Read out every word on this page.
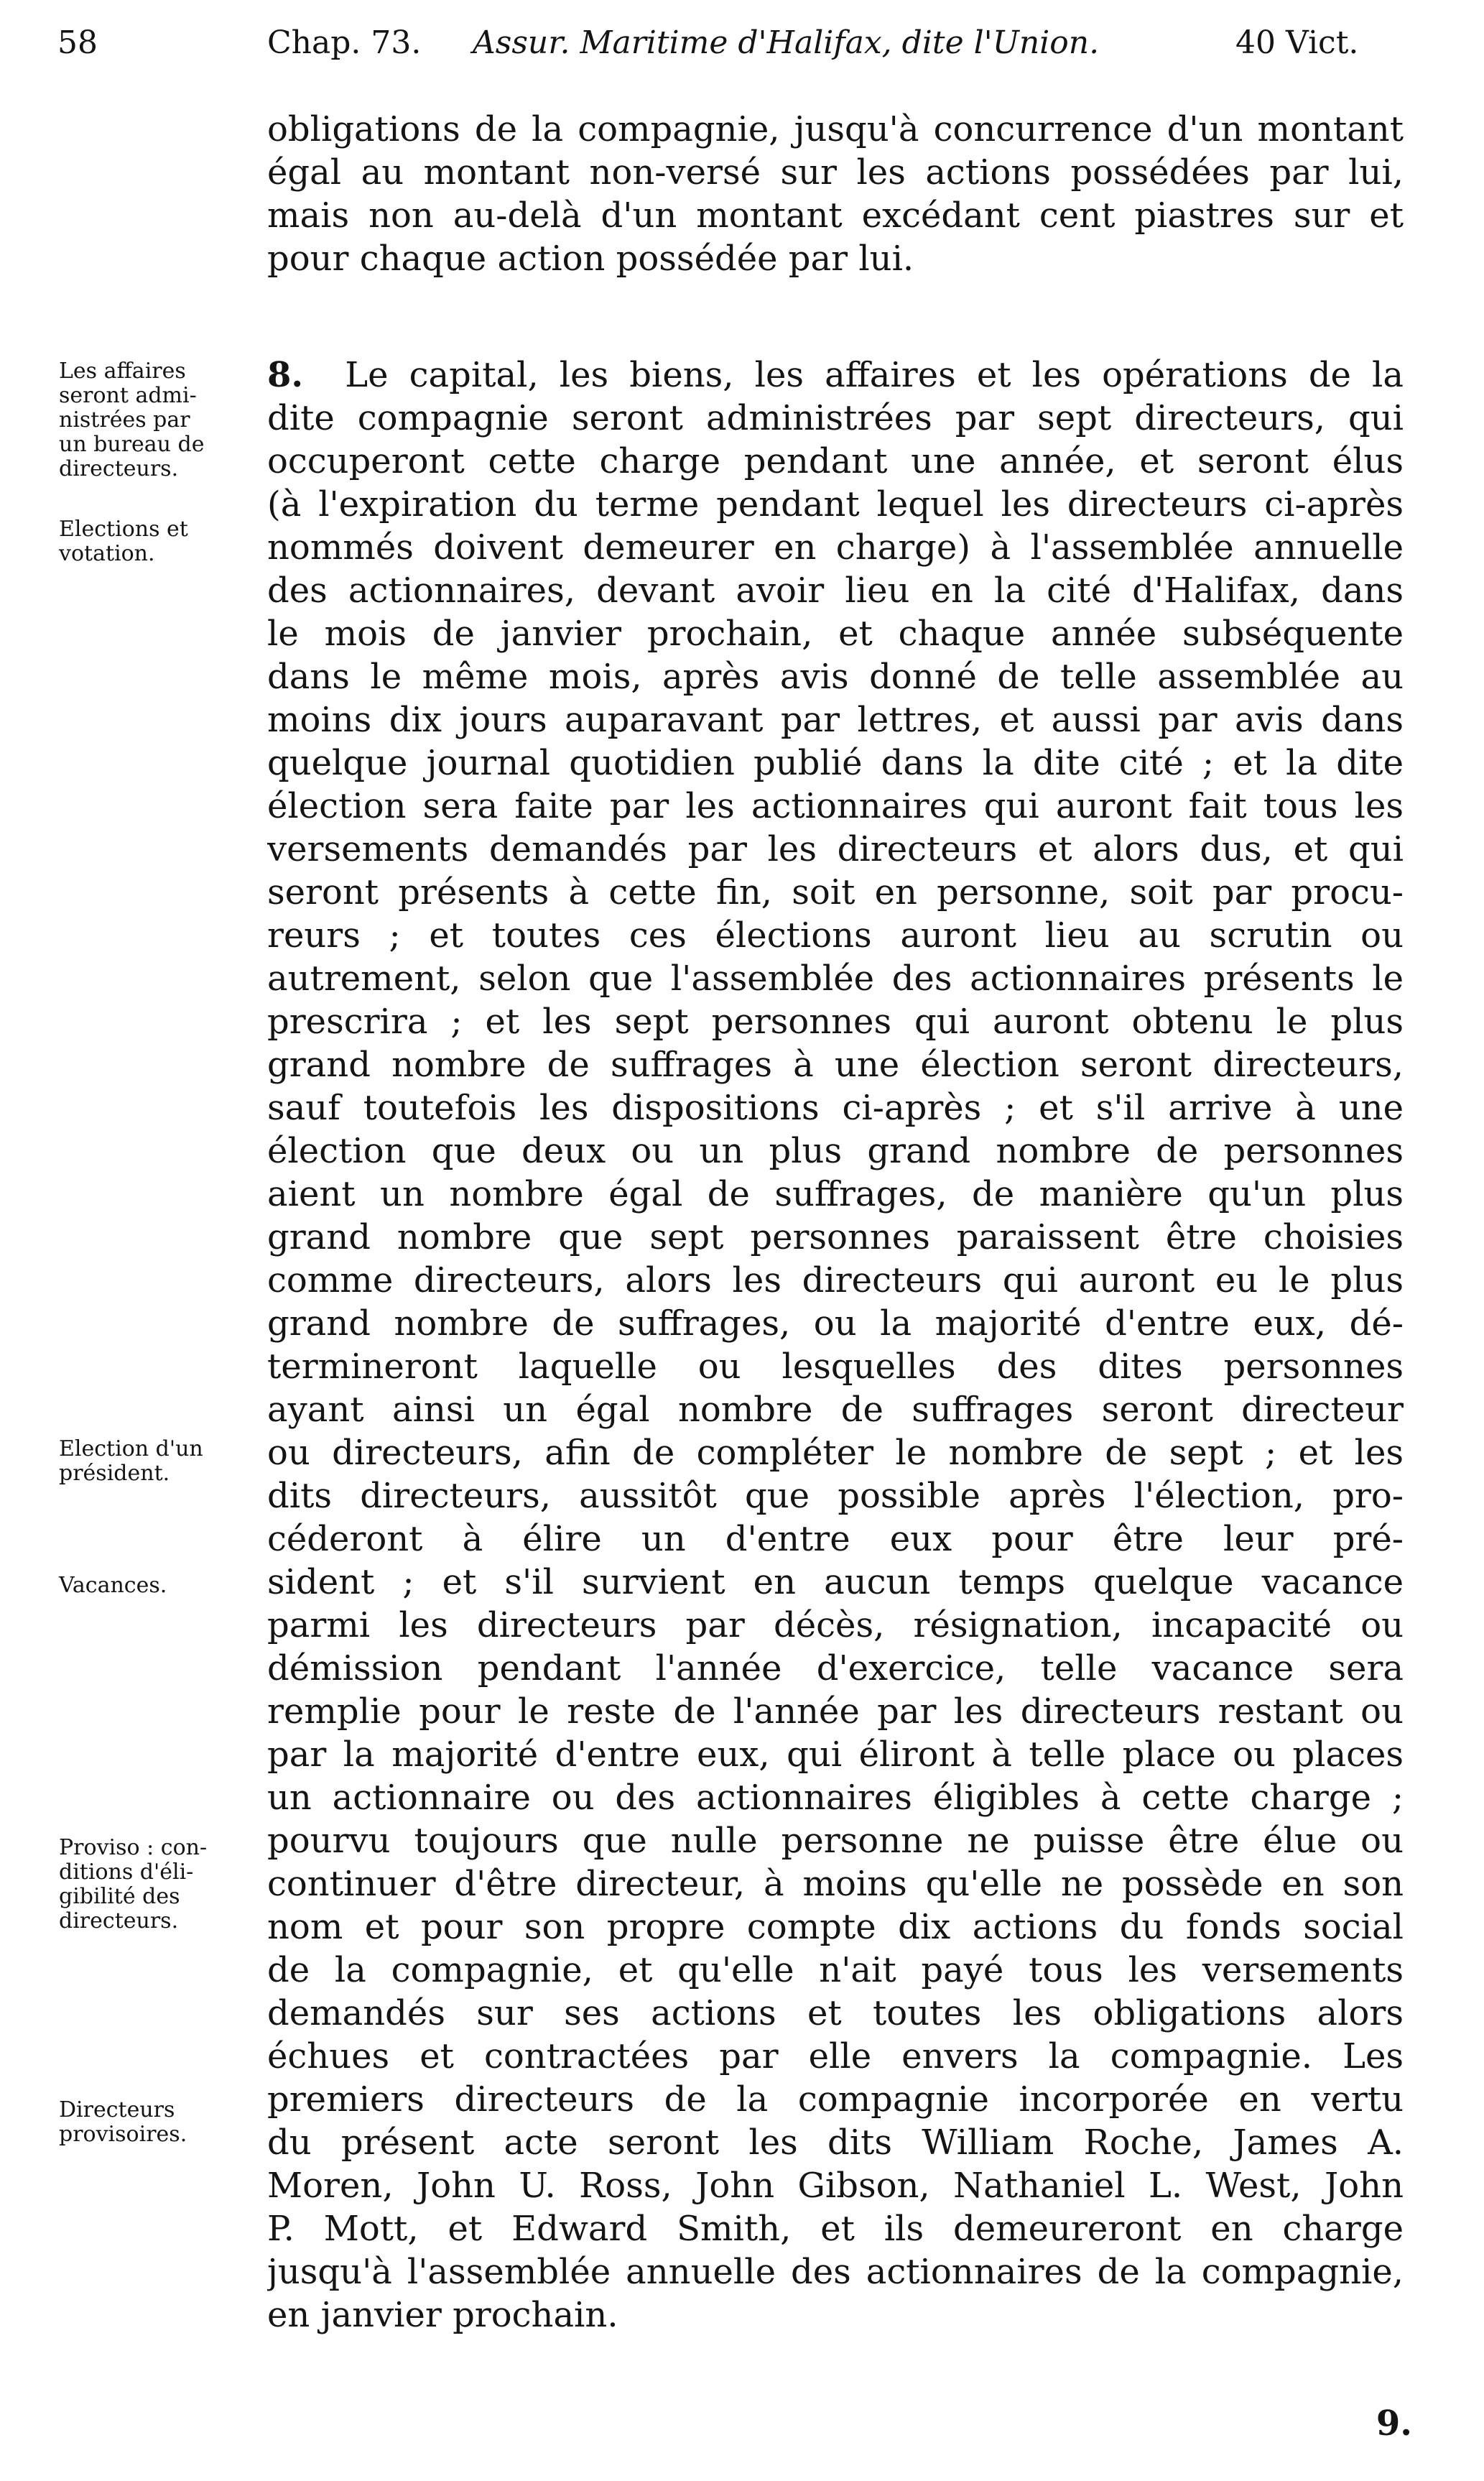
58	Chap. 73. Assur. Maritime d'Halifax, dite l'Union.	40 Vict.
obligations de la compagnie, jusqu'à concurrence d'un montant
égal au montant non-versé sur les actions possédées par lui,
mais non au-delà d'un montant excédant cent piastres sur et
pour chaque action possédée par lui.
8. Le capital, les biens, les affaires et les opérations de la
dite compagnie seront administrées par sept directeurs, qui
occuperont cette charge pendant une année, et seront élus
(à l'expiration du terme pendant lequel les directeurs ci-après
nommés doivent demeurer en charge) à l'assemblée annuelle
des actionnaires, devant avoir lieu en la cité d'Halifax, dans
le mois de janvier prochain, et chaque année subséquente
dans le même mois, après avis donné de telle assemblée au
moins dix jours auparavant par lettres, et aussi par avis dans
quelque journal quotidien publié dans la dite cité ; et la dite
élection sera faite par les actionnaires qui auront fait tous les
versements demandés par les directeurs et alors dus, et qui
seront présents à cette fin, soit en personne, soit par procu-
reurs ; et toutes ces élections auront lieu au scrutin ou
autrement, selon que l'assemblée des actionnaires présents le
prescrira ; et les sept personnes qui auront obtenu le plus
grand nombre de suffrages à une élection seront directeurs,
sauf toutefois les dispositions ci-après ; et s'il arrive à une
élection que deux ou un plus grand nombre de personnes
aient un nombre égal de suffrages, de manière qu'un plus
grand nombre que sept personnes paraissent être choisies
comme directeurs, alors les directeurs qui auront eu le plus
grand nombre de suffrages, ou la majorité d'entre eux, dé-
termineront laquelle ou lesquelles des dites personnes
ayant ainsi un égal nombre de suffrages seront directeur
ou directeurs, afin de compléter le nombre de sept ; et les
dits directeurs, aussitôt que possible après l'élection, pro-
céderont à élire un d'entre eux pour être leur pré-
sident ; et s'il survient en aucun temps quelque vacance
parmi les directeurs par décès, résignation, incapacité ou
démission pendant l'année d'exercice, telle vacance sera
remplie pour le reste de l'année par les directeurs restant ou
par la majorité d'entre eux, qui éliront à telle place ou places
un actionnaire ou des actionnaires éligibles à cette charge ;
pourvu toujours que nulle personne ne puisse être élue ou
continuer d'être directeur, à moins qu'elle ne possède en son
nom et pour son propre compte dix actions du fonds social
de la compagnie, et qu'elle n'ait payé tous les versements
demandés sur ses actions et toutes les obligations alors
échues et contractées par elle envers la compagnie. Les
premiers directeurs de la compagnie incorporée en vertu
du présent acte seront les dits William Roche, James A.
Moren, John U. Ross, John Gibson, Nathaniel L. West, John
P. Mott, et Edward Smith, et ils demeureront en charge
jusqu'à l'assemblée annuelle des actionnaires de la compagnie,
en janvier prochain.
Les affaires
seront admi-
nistrées par
un bureau de
directeurs.
Elections et
votation.
Election d'un
président.
Vacances.
Proviso : con-
ditions d'éli-
gibilité des
directeurs.
Directeurs
provisoires.
9.
